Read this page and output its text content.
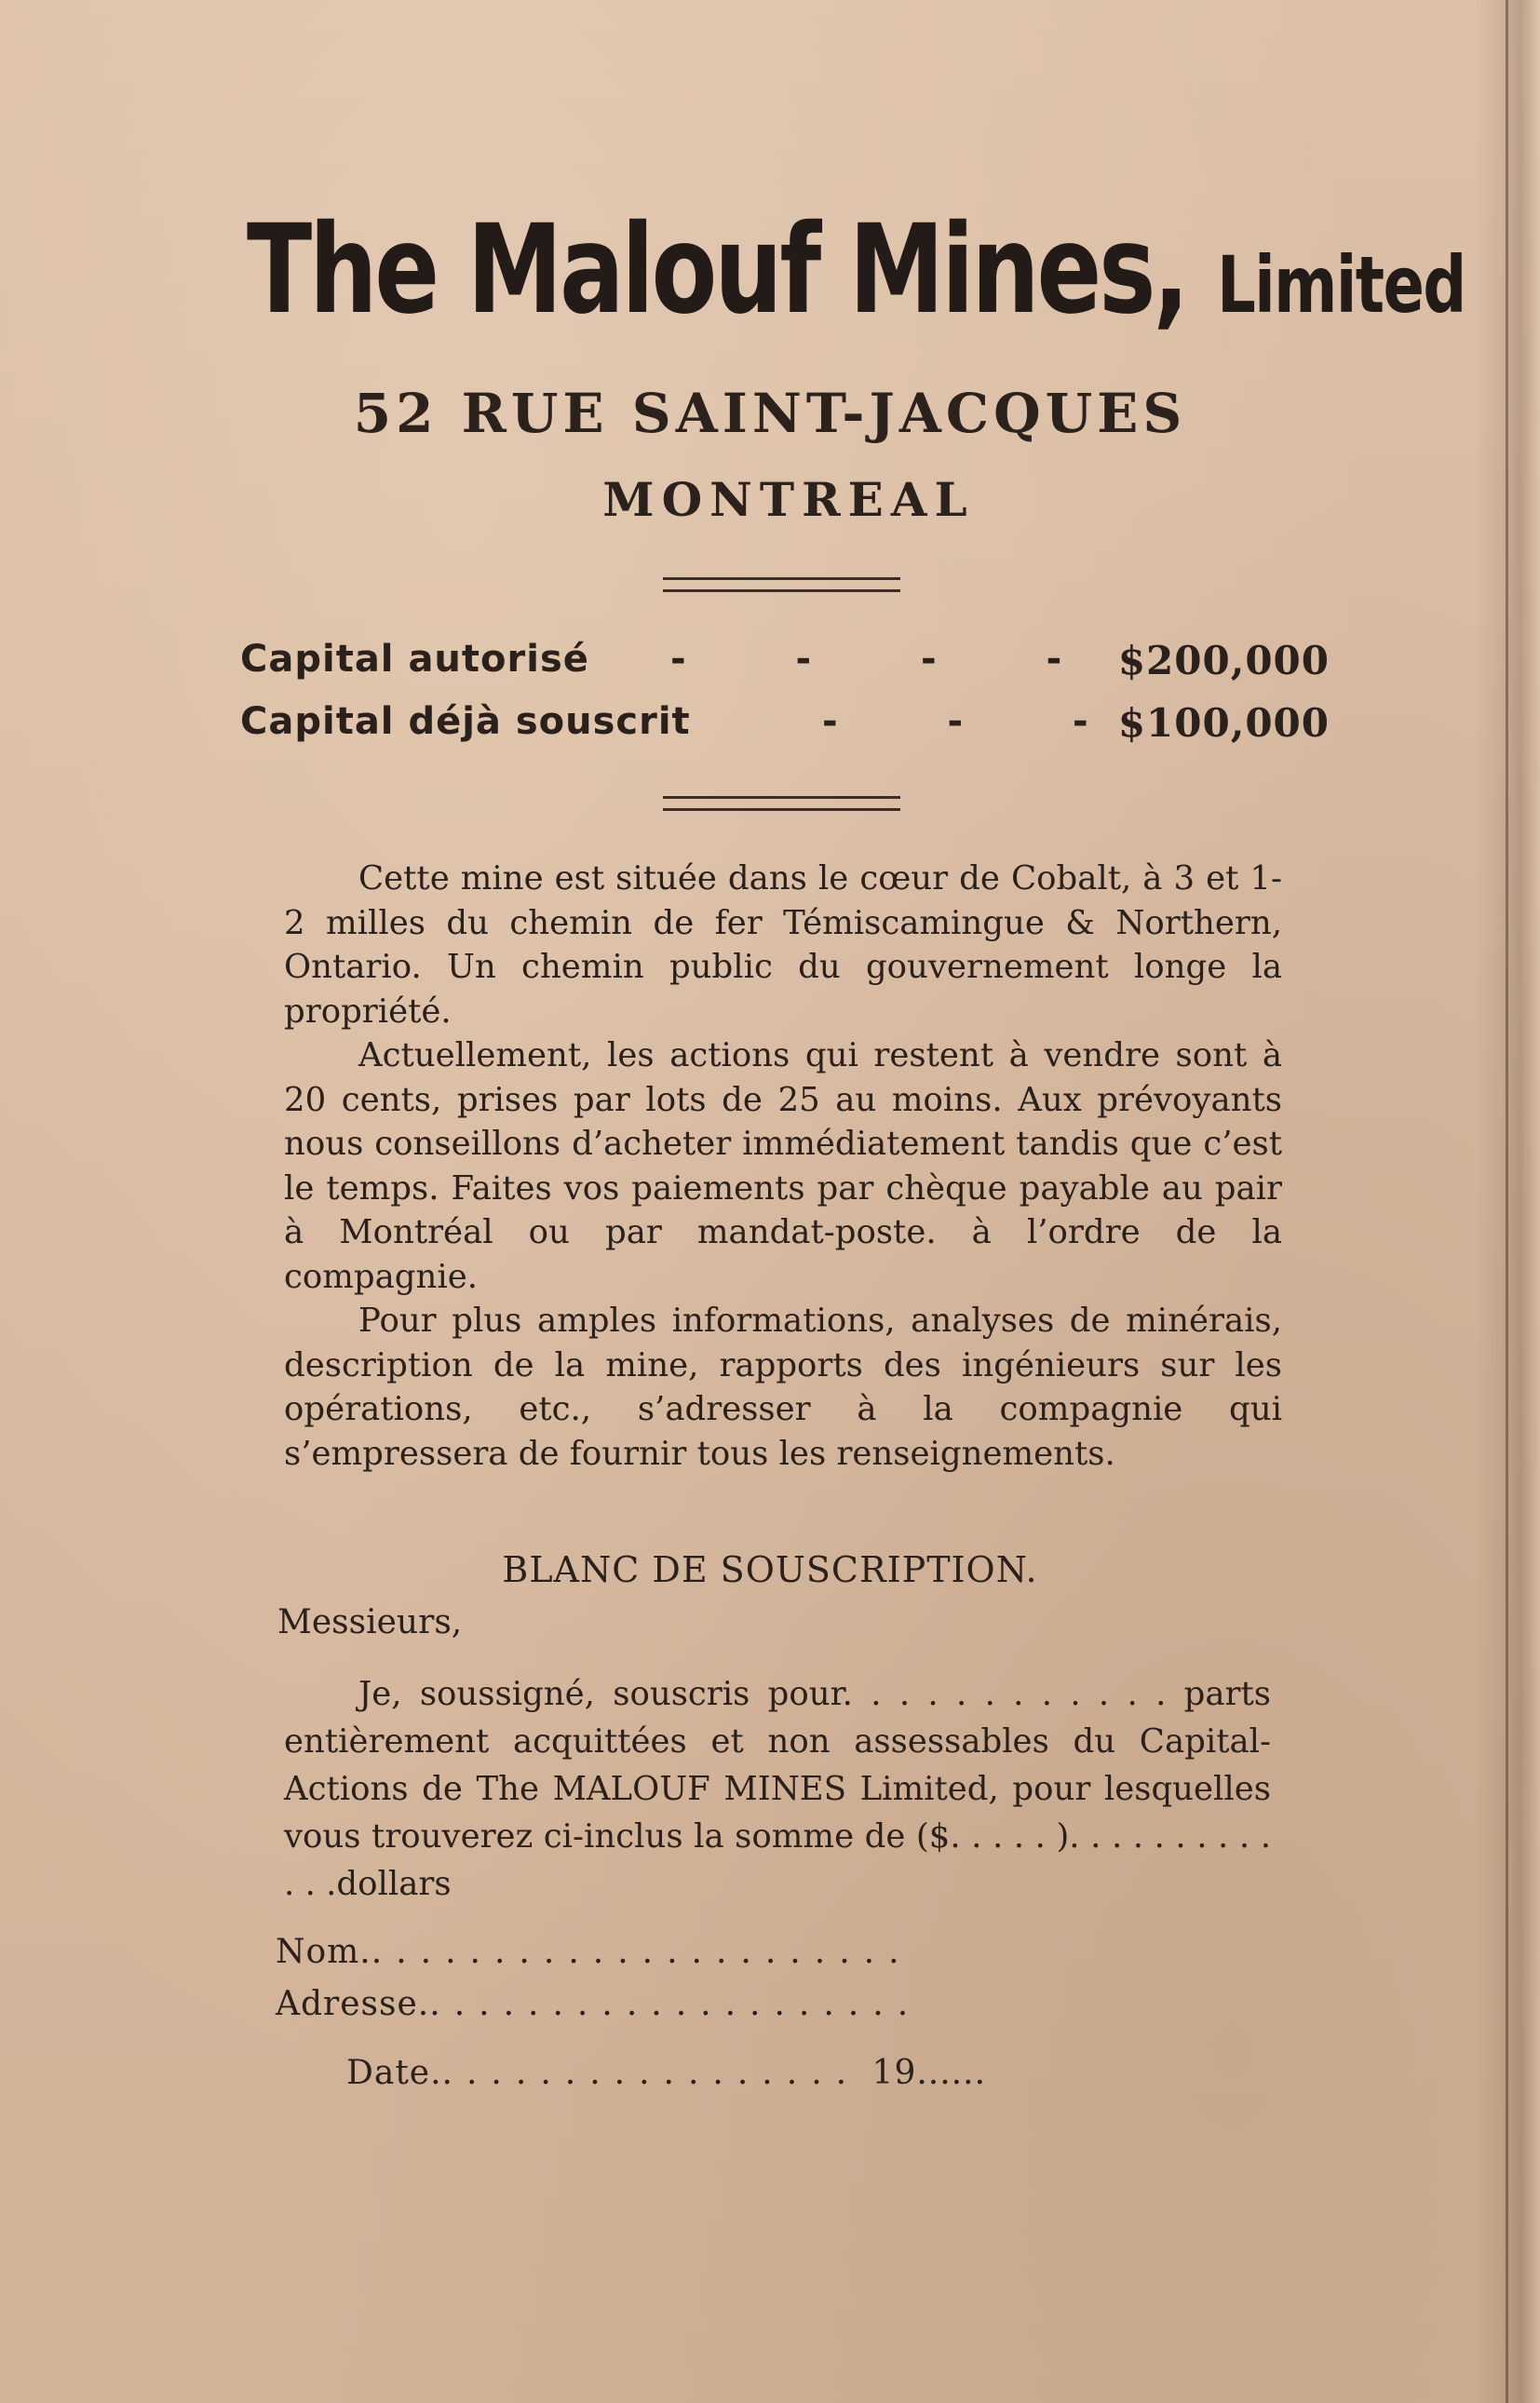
The Malouf Mines, Limited

52 RUE SAINT-JACQUES

MONTREAL

Capital autorisé - - - - $200,000
Capital déjà souscrit	- - -
$100,000

Cette mine est située dans le cœur de Cobalt, à 3 et 1-2 milles du chemin de fer Témiscamingue & Northern, Ontario. Un chemin public du gouvernement longe la propriété.

Actuellement, les actions qui restent à vendre sont à 20 cents, prises par lots de 25 au moins. Aux prévoyants nous conseillons d’acheter immédiatement tandis que c’est le temps. Faites vos paiements par chèque payable au pair à Montréal ou par mandat-poste. à l’ordre de la compagnie.

Pour plus amples informations, analyses de minérais, description de la mine, rapports des ingénieurs sur les opérations, etc., s’adresser à la compagnie qui s’empressera de fournir tous les renseignements.

BLANC DE SOUSCRIPTION.

Messieurs,

Je, soussigné, souscris pour. . . . . . . . . . . . parts entièrement acquittées et non assessables du Capital-Actions de The MALOUF MINES Limited, pour lesquelles vous trouverez ci-inclus la somme de ($. . . . . ). . . . . . . . . . . . .dollars

Nom.......................
Adresse.....................
Date.................. 19......
